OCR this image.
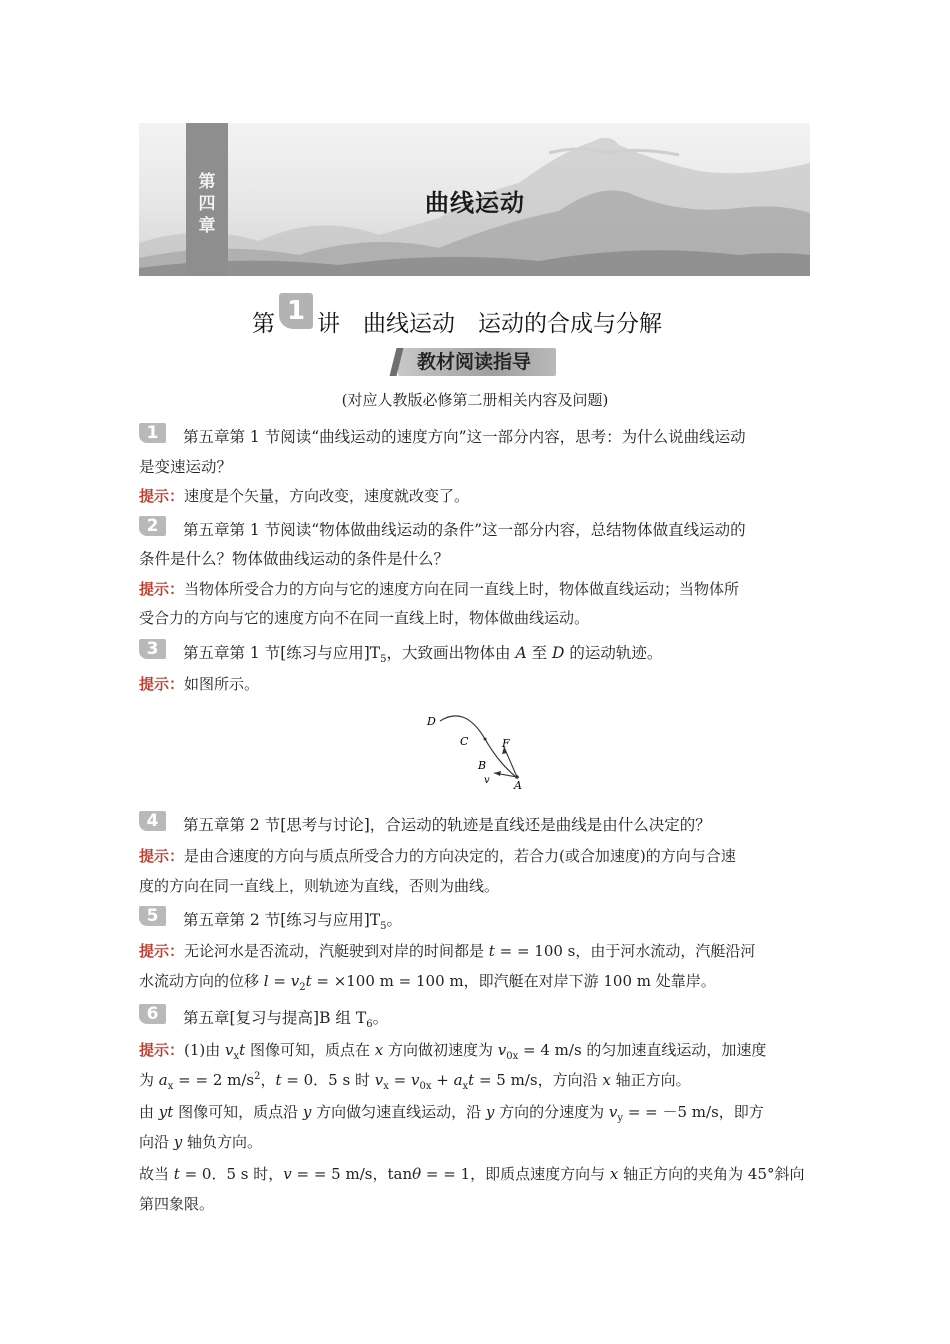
第
四
章
曲线运动
第 1 讲　曲线运动　运动的合成与分解
教材阅读指导
(对应人教版必修第二册相关内容及问题)
1	第五章第 1 节阅读“曲线运动的速度方向”这一部分内容，思考：为什么说曲线运动
是变速运动？
提示：速度是个矢量，方向改变，速度就改变了。
2	第五章第 1 节阅读“物体做曲线运动的条件”这一部分内容，总结物体做直线运动的
条件是什么？物体做曲线运动的条件是什么？
提示：当物体所受合力的方向与它的速度方向在同一直线上时，物体做直线运动；当物体所
受合力的方向与它的速度方向不在同一直线上时，物体做曲线运动。
3	第五章第 1 节[练习与应用]$T_5$，大致画出物体由 A 至 D 的运动轨迹。
提示：如图所示。
D
C
B
F
A
v
4	第五章第 2 节[思考与讨论]，合运动的轨迹是直线还是曲线是由什么决定的？
提示：是由合速度的方向与质点所受合力的方向决定的，若合力(或合加速度)的方向与合速
度的方向在同一直线上，则轨迹为直线，否则为曲线。
5	第五章第 2 节[练习与应用]$T_5$。
提示：无论河水是否流动，汽艇驶到对岸的时间都是 t = = 100 s，由于河水流动，汽艇沿河
水流动方向的位移 $l = v_2t = \times 100$ m = 100 m，即汽艇在对岸下游 100 m 处靠岸。
6	第五章[复习与提高]B 组 $T_6$。
提示：(1)由 $v_xt$ 图像可知，质点在 x 方向做初速度为 $v_{0x} = 4$ m/s 的匀加速直线运动，加速度
为 $a_x$ = = 2 $m/s^2$，t = 0．5 s 时 $v_x = v_{0x} + a_xt = 5$ m/s，方向沿 x 轴正方向。
由 yt 图像可知，质点沿 y 方向做匀速直线运动，沿 y 方向的分速度为 $v_y$ = = －5 m/s，即方
向沿 y 轴负方向。
故当 t = 0．5 s 时，v = = 5 m/s，tanθ = = 1，即质点速度方向与 x 轴正方向的夹角为 45°斜向
第四象限。
